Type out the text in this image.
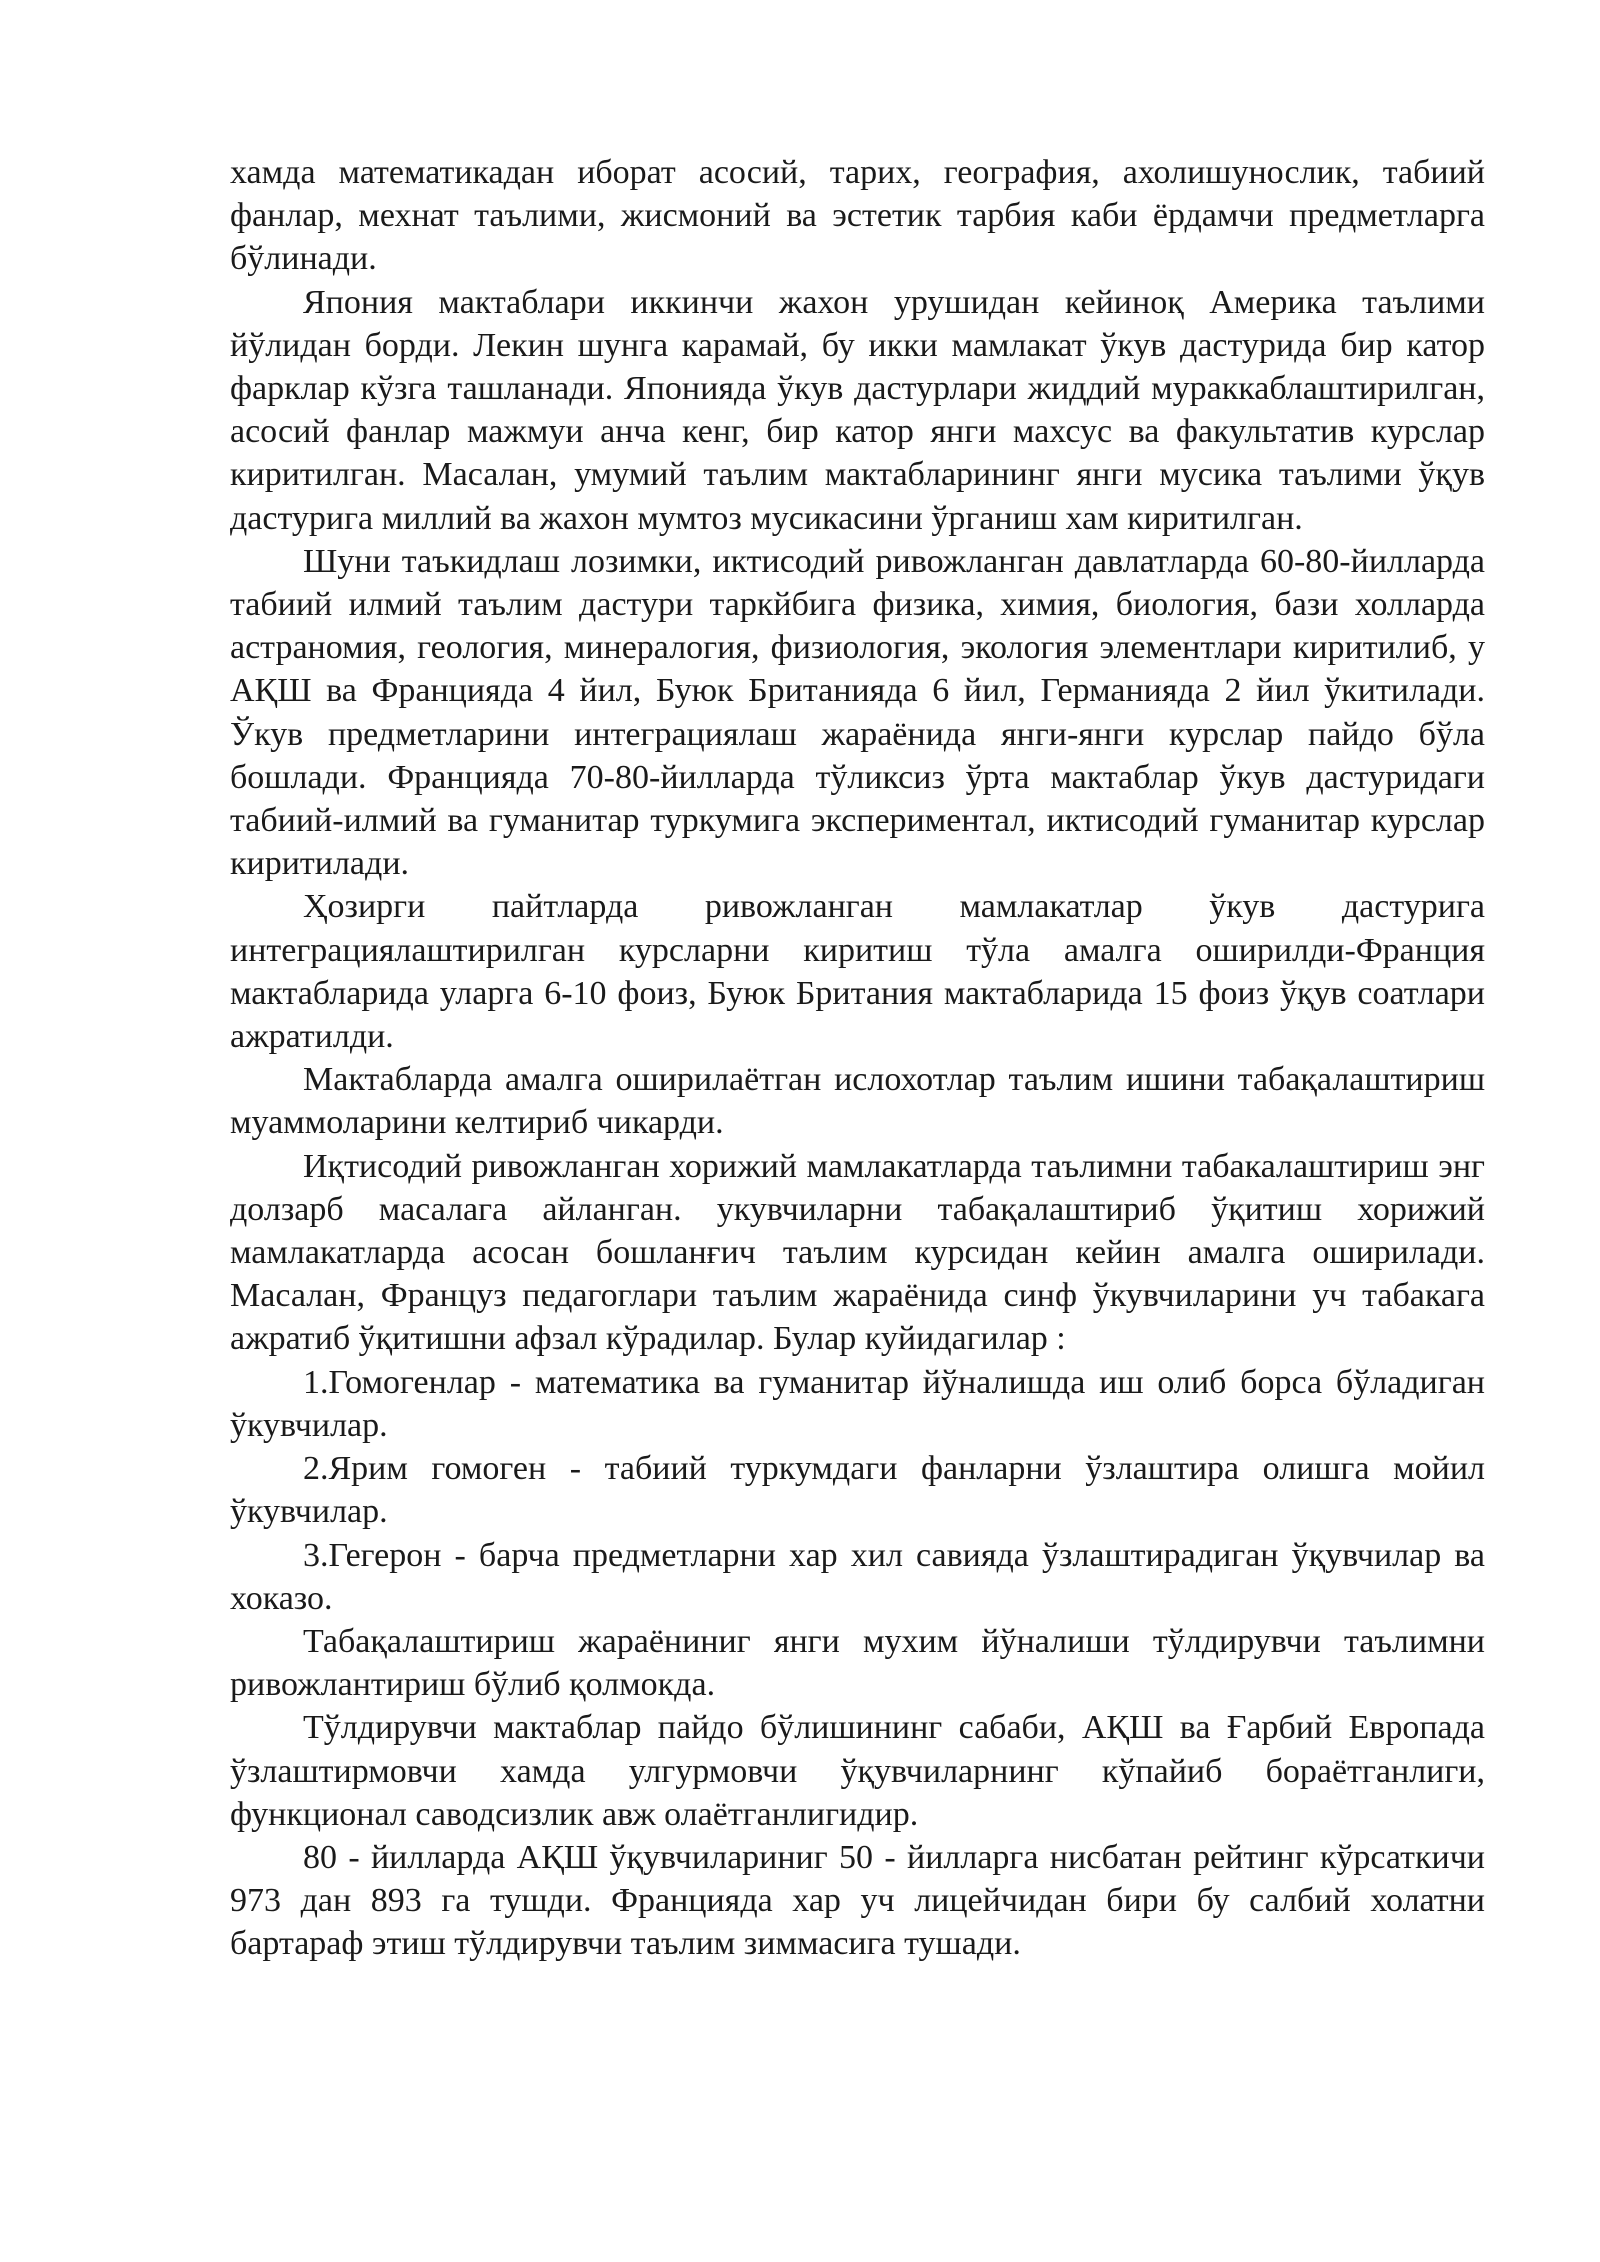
хамда математикадан иборат асосий, тарих, география, ахолишунослик, табиий фанлар, мехнат таълими, жисмоний ва эстетик тарбия каби ёрдамчи предметларга бўлинади.

Япония мактаблари иккинчи жахон урушидан кейиноқ Америка таълими йўлидан борди. Лекин шунга карамай, бу икки мамлакат ўкув дастурида бир катор фарклар кўзга ташланади. Японияда ўкув дастурлари жиддий мураккаблаштирилган, асосий фанлар мажмуи анча кенг, бир катор янги махсус ва факультатив курслар киритилган. Масалан, умумий таълим мактабларининг янги мусика таълими ўқув дастурига миллий ва жахон мумтоз мусикасини ўрганиш хам киритилган.

Шуни таъкидлаш лозимки, иктисодий ривожланган давлатларда 60-80-йилларда табиий илмий таълим дастури таркйбига физика, химия, биология, бази холларда астраномия, геология, минералогия, физиология, экология элементлари киритилиб, у АҚШ ва Францияда 4 йил, Буюк Британияда 6 йил, Германияда 2 йил ўкитилади. Ўкув предметларини интеграциялаш жараёнида янги-янги курслар пайдо бўла бошлади. Францияда 70-80-йилларда тўликсиз ўрта мактаблар ўкув дастуридаги табиий-илмий ва гуманитар туркумига экспериментал, иктисодий гуманитар курслар киритилади.

Ҳозирги пайтларда ривожланган мамлакатлар ўкув дастурига интеграциялаштирилган курсларни киритиш тўла амалга оширилди-Франция мактабларида уларга 6-10 фоиз, Буюк Британия мактабларида 15 фоиз ўқув соатлари ажратилди.

Мактабларда амалга оширилаётган ислохотлар таълим ишини табақалаштириш муаммоларини келтириб чикарди.

Иқтисодий ривожланган хорижий мамлакатларда таълимни табакалаштириш энг долзарб масалага айланган. укувчиларни табақалаштириб ўқитиш хорижий мамлакатларда асосан бошланғич таълим курсидан кейин амалга оширилади. Масалан, Француз педагоглари таълим жараёнида синф ўкувчиларини уч табакага ажратиб ўқитишни афзал кўрадилар. Булар куйидагилар :

1.Гомогенлар - математика ва гуманитар йўналишда иш олиб борса бўладиган ўкувчилар.

2.Ярим гомоген - табиий туркумдаги фанларни ўзлаштира олишга мойил ўкувчилар.

3.Гегерон - барча предметларни хар хил савияда ўзлаштирадиган ўқувчилар ва хоказо.

Табақалаштириш жараёниниг янги мухим йўналиши тўлдирувчи таълимни ривожлантириш бўлиб қолмокда.

Тўлдирувчи мактаблар пайдо бўлишининг сабаби, АҚШ ва Ғарбий Европада ўзлаштирмовчи хамда улгурмовчи ўқувчиларнинг кўпайиб бораётганлиги, функционал саводсизлик авж олаётганлигидир.

80 - йилларда АҚШ ўқувчилариниг 50 - йилларга нисбатан рейтинг кўрсаткичи 973 дан 893 га тушди. Францияда хар уч лицейчидан бири бу салбий холатни бартараф этиш тўлдирувчи таълим зиммасига тушади.
